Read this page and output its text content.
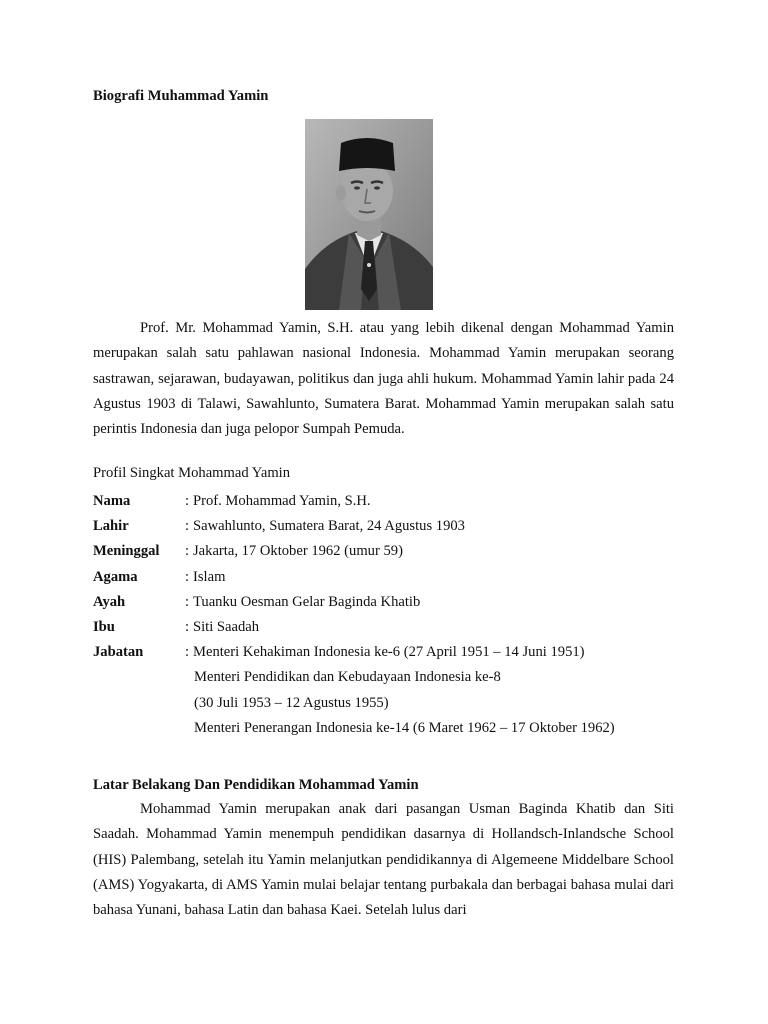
Biografi Muhammad Yamin

Prof. Mr. Mohammad Yamin, S.H. atau yang lebih dikenal dengan Mohammad Yamin merupakan salah satu pahlawan nasional Indonesia. Mohammad Yamin merupakan seorang sastrawan, sejarawan, budayawan, politikus dan juga ahli hukum. Mohammad Yamin lahir pada 24 Agustus 1903 di Talawi, Sawahlunto, Sumatera Barat. Mohammad Yamin merupakan salah satu perintis Indonesia dan juga pelopor Sumpah Pemuda.

Profil Singkat Mohammad Yamin
Nama	: Prof. Mohammad Yamin, S.H.
Lahir	: Sawahlunto, Sumatera Barat, 24 Agustus 1903
Meninggal	: Jakarta, 17 Oktober 1962 (umur 59)
Agama	: Islam
Ayah	: Tuanku Oesman Gelar Baginda Khatib
Ibu	: Siti Saadah
Jabatan	: Menteri Kehakiman Indonesia ke-6 (27 April 1951 – 14 Juni 1951)
Menteri Pendidikan dan Kebudayaan Indonesia ke-8
(30 Juli 1953 – 12 Agustus 1955)
Menteri Penerangan Indonesia ke-14 (6 Maret 1962 – 17 Oktober 1962)
Latar Belakang Dan Pendidikan Mohammad Yamin

Mohammad Yamin merupakan anak dari pasangan Usman Baginda Khatib dan Siti Saadah. Mohammad Yamin menempuh pendidikan dasarnya di Hollandsch-Inlandsche School (HIS) Palembang, setelah itu Yamin melanjutkan pendidikannya di Algemeene Middelbare School (AMS) Yogyakarta, di AMS Yamin mulai belajar tentang purbakala dan berbagai bahasa mulai dari bahasa Yunani, bahasa Latin dan bahasa Kaei. Setelah lulus dari
